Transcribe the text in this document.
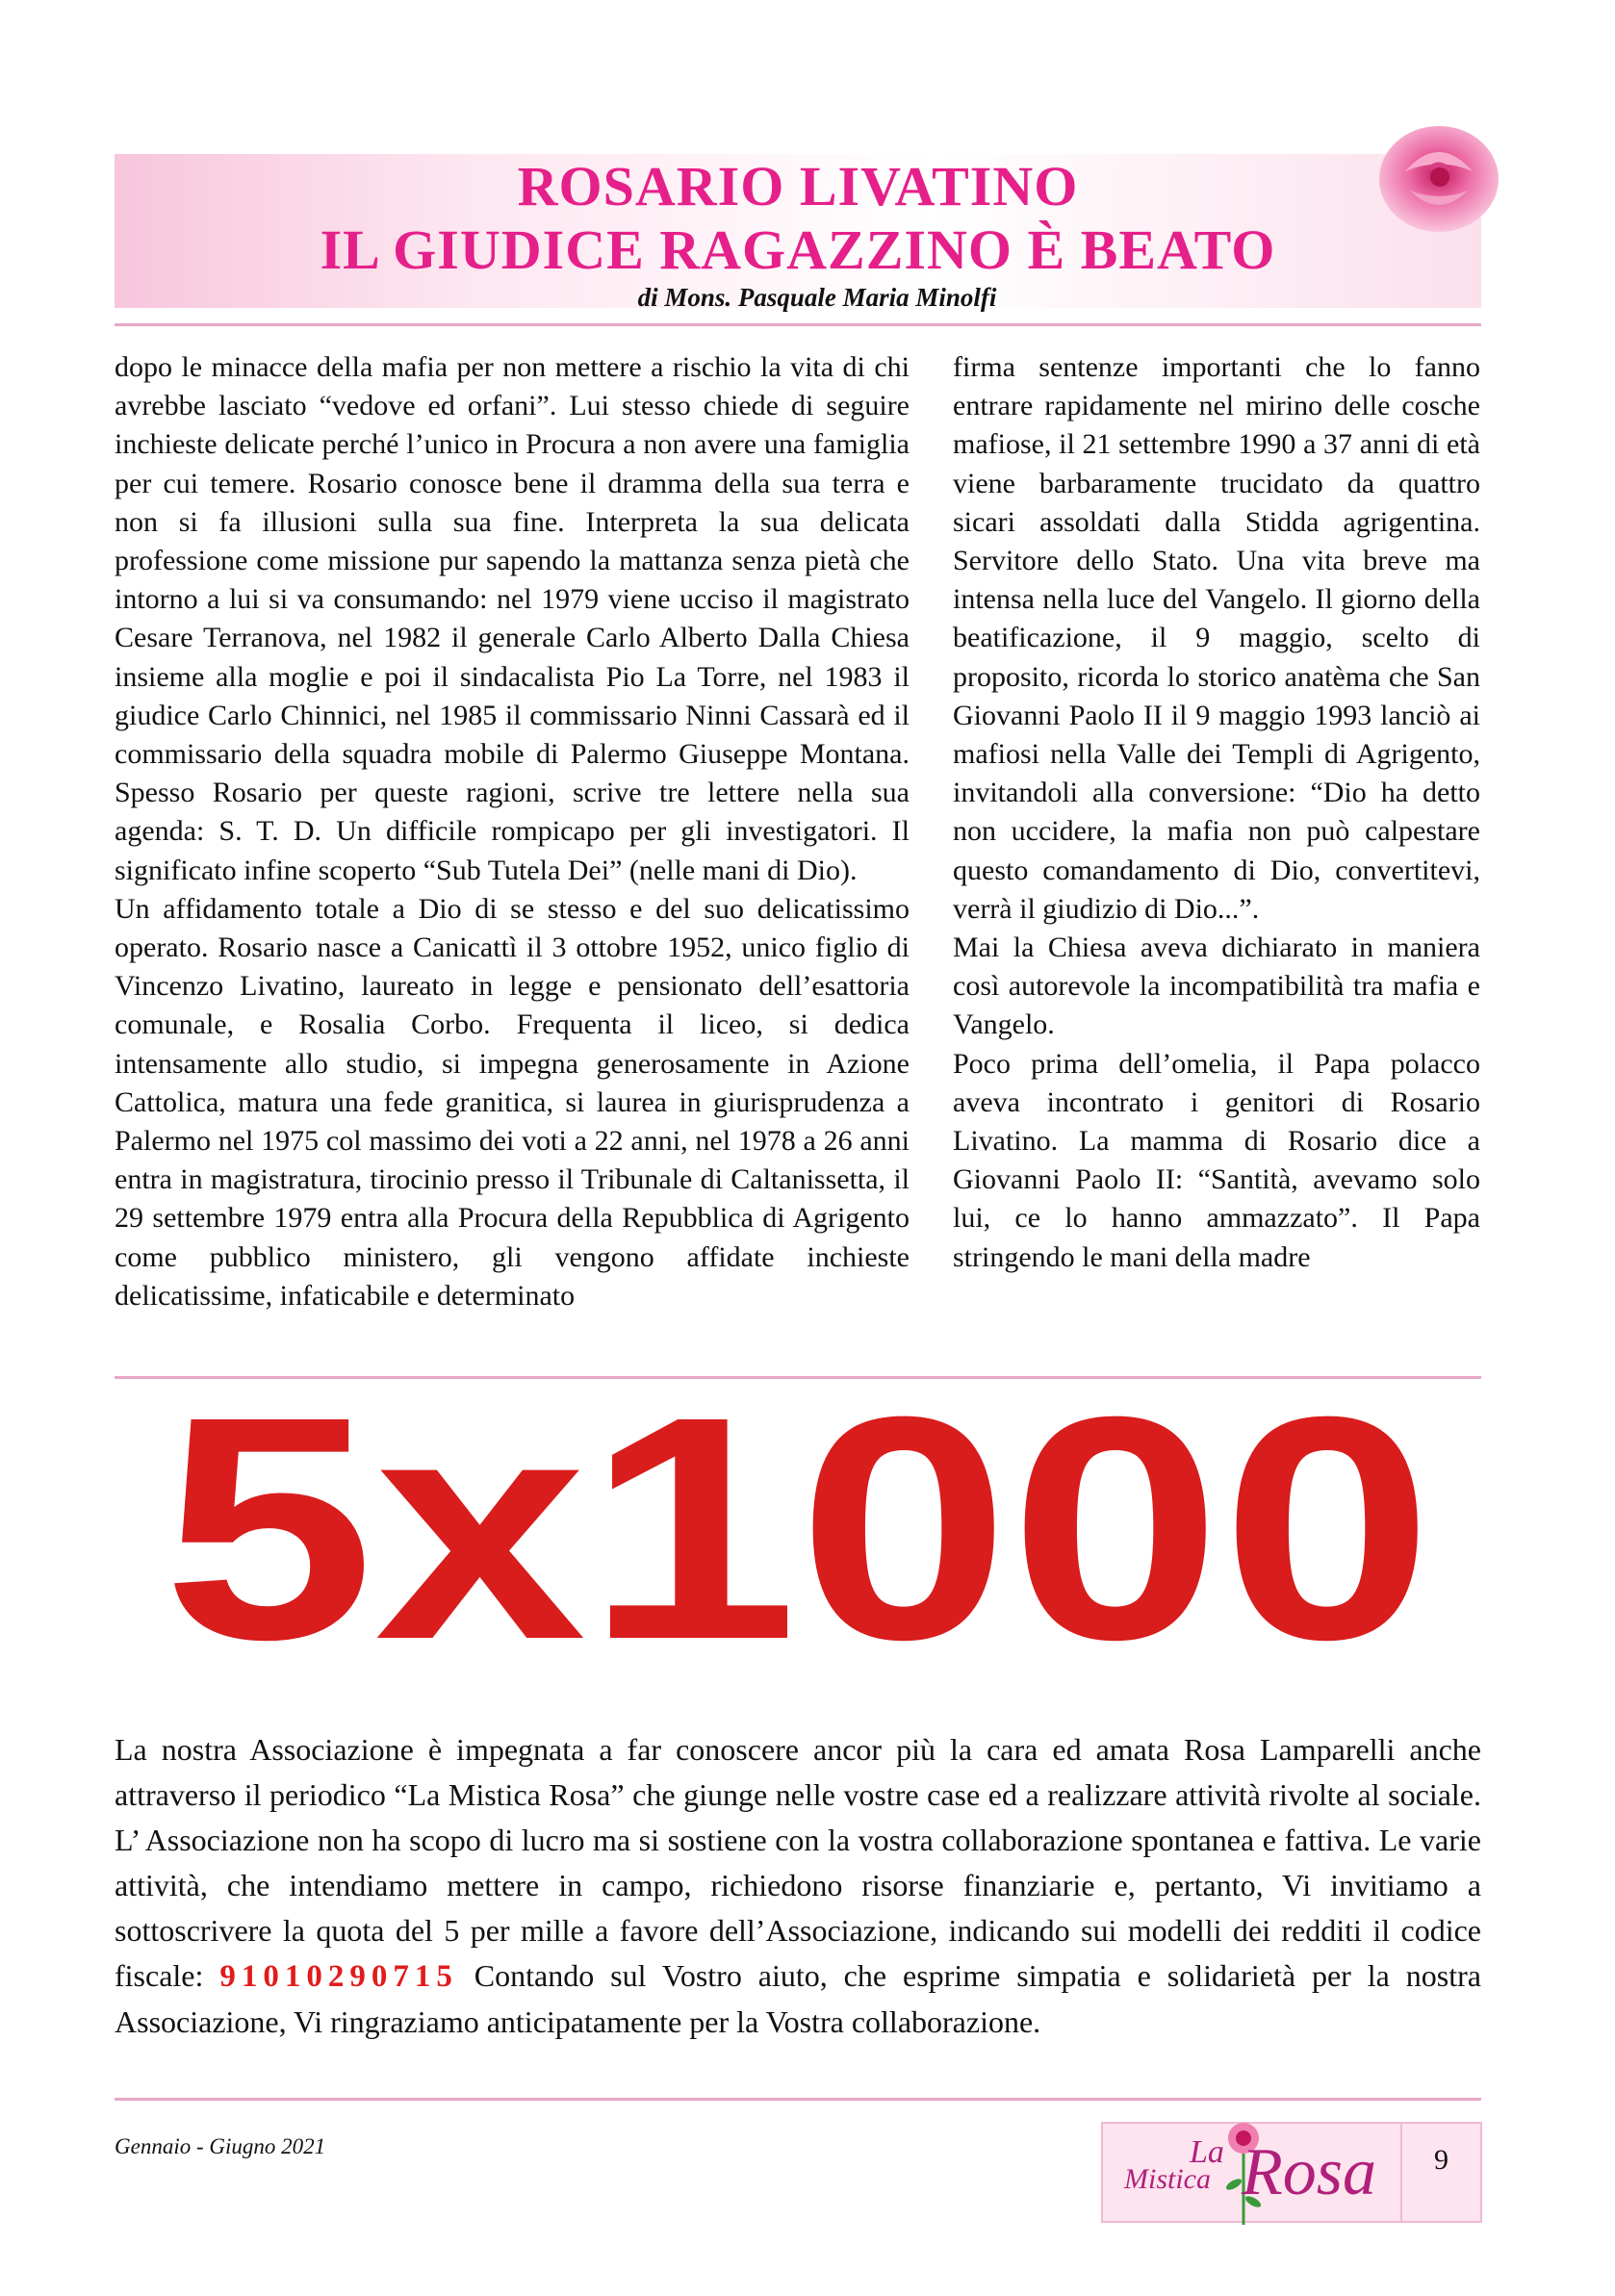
ROSARIO LIVATINO
IL GIUDICE RAGAZZINO È BEATO
di Mons. Pasquale Maria Minolfi

dopo le minacce della mafia per non mettere a rischio la vita di chi avrebbe lasciato “vedove ed orfani”. Lui stesso chiede di seguire inchieste delicate perché l’unico in Procura a non avere una famiglia per cui temere. Rosario conosce bene il dramma della sua terra e non si fa illusioni sulla sua fine. Interpreta la sua delicata professione come missione pur sapendo la mattanza senza pietà che intorno a lui si va consumando: nel 1979 viene ucciso il magistrato Cesare Terranova, nel 1982 il generale Carlo Alberto Dalla Chiesa insieme alla moglie e poi il sindacalista Pio La Torre, nel 1983 il giudice Carlo Chinnici, nel 1985 il commissario Ninni Cassarà ed il commissario della squadra mobile di Palermo Giuseppe Montana. Spesso Rosario per queste ragioni, scrive tre lettere nella sua agenda: S. T. D. Un difficile rompicapo per gli investigatori. Il significato infine scoperto “Sub Tutela Dei” (nelle mani di Dio).

Un affidamento totale a Dio di se stesso e del suo delicatissimo operato. Rosario nasce a Canicattì il 3 ottobre 1952, unico figlio di Vincenzo Livatino, laureato in legge e pensionato dell’esattoria comunale, e Rosalia Corbo. Frequenta il liceo, si dedica intensamente allo studio, si impegna generosamente in Azione Cattolica, matura una fede granitica, si laurea in giurisprudenza a Palermo nel 1975 col massimo dei voti a 22 anni, nel 1978 a 26 anni entra in magistratura, tirocinio presso il Tribunale di Caltanissetta, il 29 settembre 1979 entra alla Procura della Repubblica di Agrigento come pubblico ministero, gli vengono affidate inchieste delicatissime, infaticabile e determinato

firma sentenze importanti che lo fanno entrare rapidamente nel mirino delle cosche mafiose, il 21 settembre 1990 a 37 anni di età viene barbaramente trucidato da quattro sicari assoldati dalla Stidda agrigentina. Servitore dello Stato. Una vita breve ma intensa nella luce del Vangelo. Il giorno della beatificazione, il 9 maggio, scelto di proposito, ricorda lo storico anatèma che San Giovanni Paolo II il 9 maggio 1993 lanciò ai mafiosi nella Valle dei Templi di Agrigento, invitandoli alla conversione: “Dio ha detto non uccidere, la mafia non può calpestare questo comandamento di Dio, convertitevi, verrà il giudizio di Dio...”.

Mai la Chiesa aveva dichiarato in maniera così autorevole la incompatibilità tra mafia e Vangelo.

Poco prima dell’omelia, il Papa polacco aveva incontrato i genitori di Rosario Livatino. La mamma di Rosario dice a Giovanni Paolo II: “Santità, avevamo solo lui, ce lo hanno ammazzato”. Il Papa stringendo le mani della madre

5x1000
La nostra Associazione è impegnata a far conoscere ancor più la cara ed amata Rosa Lamparelli anche attraverso il periodico “La Mistica Rosa” che giunge nelle vostre case ed a realizzare attività rivolte al sociale. L’ Associazione non ha scopo di lucro ma si sostiene con la vostra collaborazione spontanea e fattiva. Le varie attività, che intendiamo mettere in campo, richiedono risorse finanziarie e, pertanto, Vi invitiamo a sottoscrivere la quota del 5 per mille a favore dell’Associazione, indicando sui modelli dei redditi il codice fiscale: 91010290715 Contando sul Vostro aiuto, che esprime simpatia e solidarietà per la nostra Associazione, Vi ringraziamo anticipatamente per la Vostra collaborazione.
Gennaio - Giugno 2021	La
Mistica Rosa	9
